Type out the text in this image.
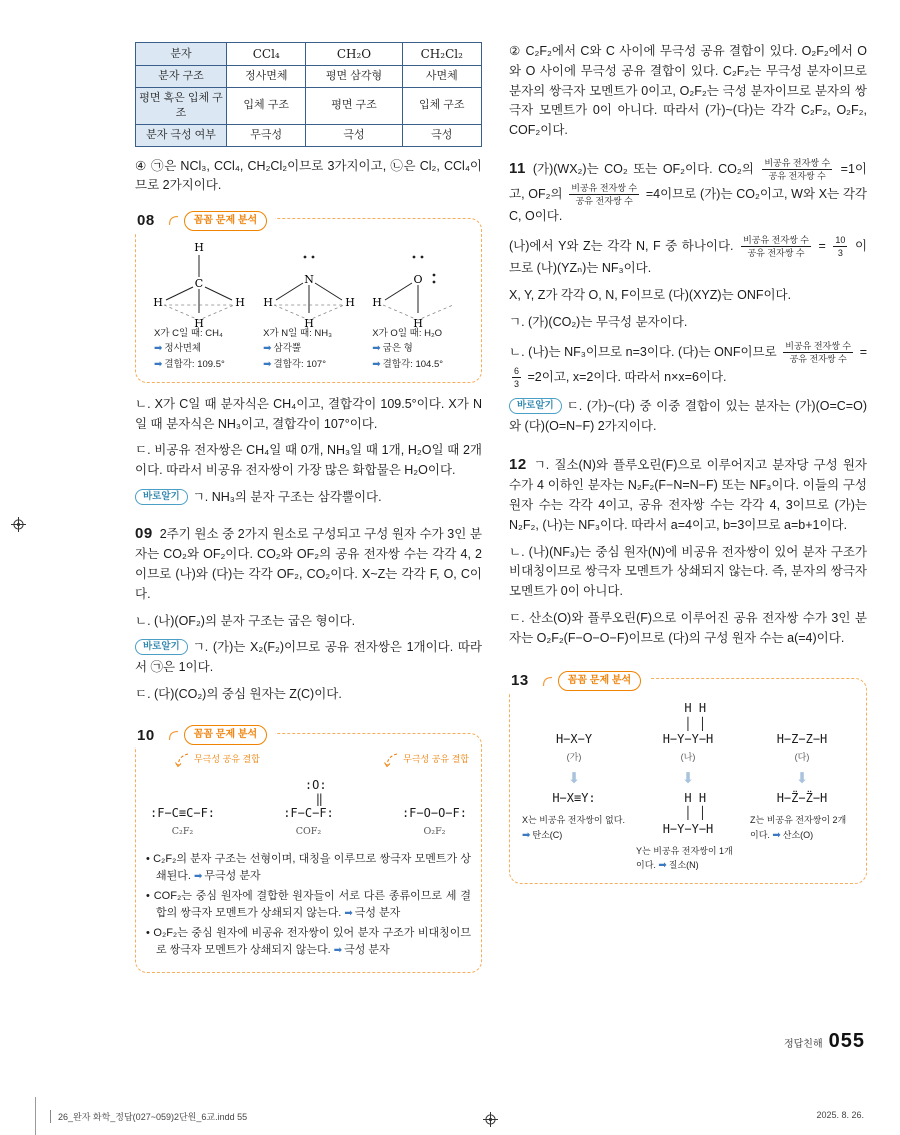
분자	CCl₄	CH₂O	CH₂Cl₂
분자 구조	정사면체	평면 삼각형	사면체
평면 혹은 입체 구조	입체 구조	평면 구조	입체 구조
분자 극성 여부	무극성	극성	극성

④ ㉠은 NCl₃, CCl₄, CH₂Cl₂이므로 3가지이고, ㉡은 Cl₂, CCl₄이므로 2가지이다.

08	꼼꼼 문제 분석
H
C
H	H
H
X가 C일 때: CH₄
➡ 정사면체
➡ 결합각: 109.5°
N
H	H
H
X가 N일 때: NH₃
➡ 삼각뿔
➡ 결합각: 107°
O
H
H
X가 O일 때: H₂O
➡ 굽은 형
➡ 결합각: 104.5°

ㄴ. X가 C일 때 분자식은 CH₄이고, 결합각이 109.5°이다. X가 N일 때 분자식은 NH₃이고, 결합각이 107°이다.

ㄷ. 비공유 전자쌍은 CH₄일 때 0개, NH₃일 때 1개, H₂O일 때 2개이다. 따라서 비공유 전자쌍이 가장 많은 화합물은 H₂O이다.

바로알기 ㄱ. NH₃의 분자 구조는 삼각뿔이다.

09 2주기 원소 중 2가지 원소로 구성되고 구성 원자 수가 3인 분자는 CO₂와 OF₂이다. CO₂와 OF₂의 공유 전자쌍 수는 각각 4, 2이므로 (나)와 (다)는 각각 OF₂, CO₂이다. X~Z는 각각 F, O, C이다.

ㄴ. (나)(OF₂)의 분자 구조는 굽은 형이다.

바로알기 ㄱ. (가)는 X₂(F₂)이므로 공유 전자쌍은 1개이다. 따라서 ㉠은 1이다.

ㄷ. (다)(CO₂)의 중심 원자는 Z(C)이다.

10	꼼꼼 문제 분석
무극성 공유 결합	무극성 공유 결합
:F−C≡C−F:
C₂F₂
:O:
‖
:F−C−F:
COF₂
:F−O−O−F:
O₂F₂

• C₂F₂의 분자 구조는 선형이며, 대칭을 이루므로 쌍극자 모멘트가 상쇄된다. ➡ 무극성 분자

• COF₂는 중심 원자에 결합한 원자들이 서로 다른 종류이므로 세 결합의 쌍극자 모멘트가 상쇄되지 않는다. ➡ 극성 분자

• O₂F₂는 중심 원자에 비공유 전자쌍이 있어 분자 구조가 비대칭이므로 쌍극자 모멘트가 상쇄되지 않는다. ➡ 극성 분자

② C₂F₂에서 C와 C 사이에 무극성 공유 결합이 있다. O₂F₂에서 O와 O 사이에 무극성 공유 결합이 있다. C₂F₂는 무극성 분자이므로 분자의 쌍극자 모멘트가 0이고, O₂F₂는 극성 분자이므로 분자의 쌍극자 모멘트가 0이 아니다. 따라서 (가)~(다)는 각각 C₂F₂, O₂F₂, COF₂이다.

11 (가)(WX₂)는 CO₂ 또는 OF₂이다. CO₂의 $\frac{\text{비공유 전자쌍 수}}{\text{공유 전자쌍 수}} =1$이고, OF₂의 $\frac{\text{비공유 전자쌍 수}}{\text{공유 전자쌍 수}} =4$이므로 (가)는 CO₂이고, W와 X는 각각 C, O이다.

(나)에서 Y와 Z는 각각 N, F 중 하나이다. $\frac{\text{비공유 전자쌍 수}}{\text{공유 전자쌍 수}} = \frac{10}{3}$ 이므로 (나)(YZₙ)는 NF₃이다.

X, Y, Z가 각각 O, N, F이므로 (다)(XYZ)는 ONF이다.

ㄱ. (가)(CO₂)는 무극성 분자이다.

ㄴ. (나)는 NF₃이므로 n=3이다. (다)는 ONF이므로 $\frac{\text{비공유 전자쌍 수}}{\text{공유 전자쌍 수}}$ =
$\frac{6}{3} =2$이고, x=2이다. 따라서 n×x=6이다.

바로알기 ㄷ. (가)~(다) 중 이중 결합이 있는 분자는 (가)(O=C=O)와 (다)(O=N−F) 2가지이다.

12 ㄱ. 질소(N)와 플루오린(F)으로 이루어지고 분자당 구성 원자 수가 4 이하인 분자는 N₂F₂(F−N=N−F) 또는 NF₃이다. 이들의 구성 원자 수는 각각 4이고, 공유 전자쌍 수는 각각 4, 3이므로 (가)는 N₂F₂, (나)는 NF₃이다. 따라서 a=4이고, b=3이므로 a=b+1이다.

ㄴ. (나)(NF₃)는 중심 원자(N)에 비공유 전자쌍이 있어 분자 구조가 비대칭이므로 쌍극자 모멘트가 상쇄되지 않는다. 즉, 분자의 쌍극자 모멘트가 0이 아니다.

ㄷ. 산소(O)와 플루오린(F)으로 이루어진 공유 전자쌍 수가 3인 분자는 O₂F₂(F−O−O−F)이므로 (다)의 구성 원자 수는 a(=4)이다.

13	꼼꼼 문제 분석
H−X−Y
(가)
⬇
H−X≡Y:
X는 비공유 전자쌍이 없다. ➡ 탄소(C)
H H
│ │
H−Y−Y−H
(나)
⬇
H H
│ │
H−Y−Y−H
Y는 비공유 전자쌍이 1개이다. ➡ 질소(N)
H−Z−Z−H
(다)
⬇
H−Z̈−Z̈−H
Z는 비공유 전자쌍이 2개이다. ➡ 산소(O)
정답친해 055
26_완자 화학_정답(027~059)2단원_6교.indd 55	2025. 8. 26.
